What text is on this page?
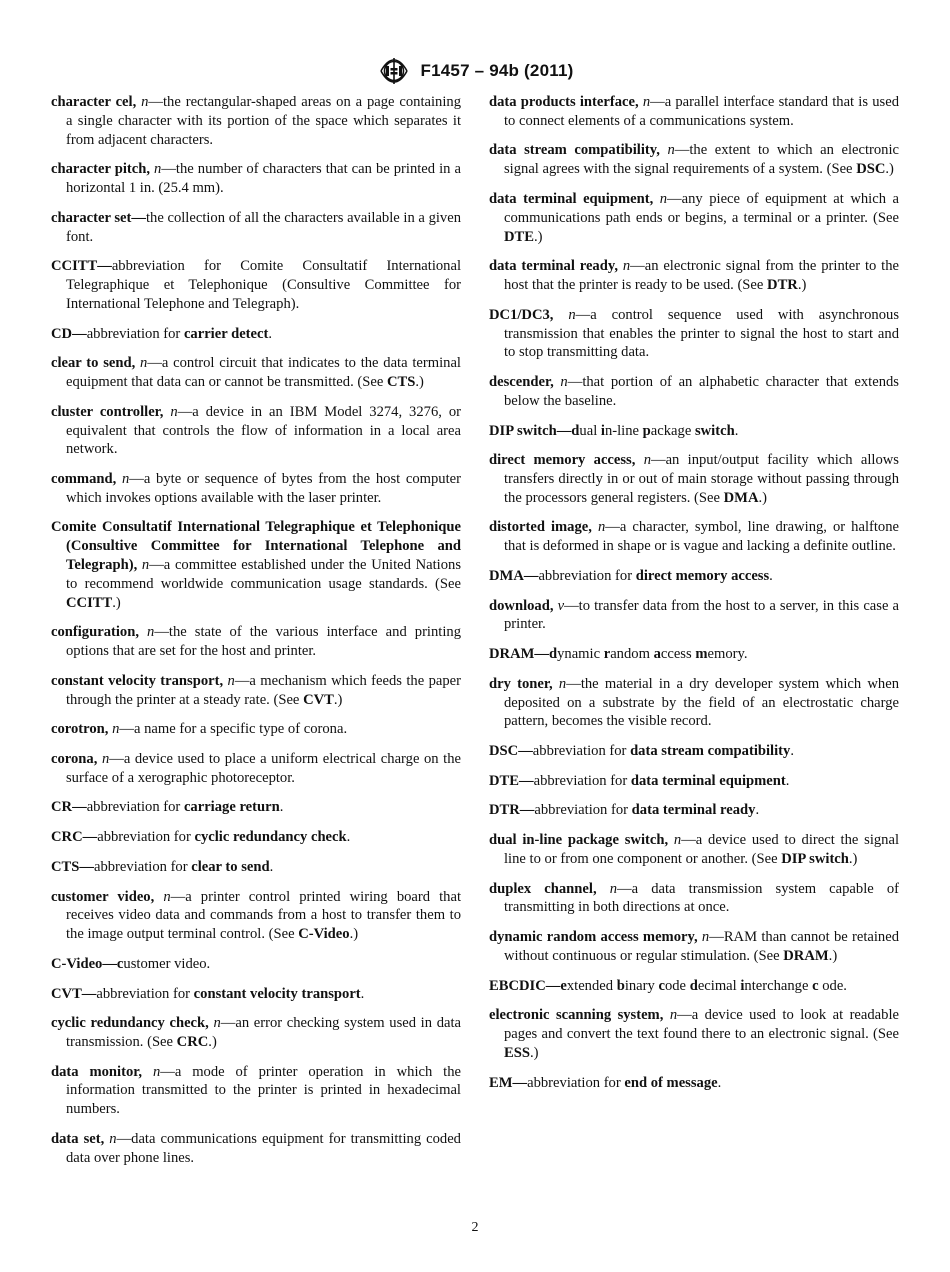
F1457 – 94b (2011)

character cel, n—the rectangular-shaped areas on a page containing a single character with its portion of the space which separates it from adjacent characters.

character pitch, n—the number of characters that can be printed in a horizontal 1 in. (25.4 mm).

character set—the collection of all the characters available in a given font.

CCITT—abbreviation for Comite Consultatif International Telegraphique et Telephonique (Consultive Committee for International Telephone and Telegraph).

CD—abbreviation for carrier detect.

clear to send, n—a control circuit that indicates to the data terminal equipment that data can or cannot be transmitted. (See CTS.)

cluster controller, n—a device in an IBM Model 3274, 3276, or equivalent that controls the flow of information in a local area network.

command, n—a byte or sequence of bytes from the host computer which invokes options available with the laser printer.

Comite Consultatif International Telegraphique et Telephonique (Consultive Committee for International Telephone and Telegraph), n—a committee established under the United Nations to recommend worldwide communication usage standards. (See CCITT.)

configuration, n—the state of the various interface and printing options that are set for the host and printer.

constant velocity transport, n—a mechanism which feeds the paper through the printer at a steady rate. (See CVT.)

corotron, n—a name for a specific type of corona.

corona, n—a device used to place a uniform electrical charge on the surface of a xerographic photoreceptor.

CR—abbreviation for carriage return.

CRC—abbreviation for cyclic redundancy check.

CTS—abbreviation for clear to send.

customer video, n—a printer control printed wiring board that receives video data and commands from a host to transfer them to the image output terminal control. (See C-Video.)

C-Video—customer video.

CVT—abbreviation for constant velocity transport.

cyclic redundancy check, n—an error checking system used in data transmission. (See CRC.)

data monitor, n—a mode of printer operation in which the information transmitted to the printer is printed in hexadecimal numbers.

data set, n—data communications equipment for transmitting coded data over phone lines.

data products interface, n—a parallel interface standard that is used to connect elements of a communications system.

data stream compatibility, n—the extent to which an electronic signal agrees with the signal requirements of a system. (See DSC.)

data terminal equipment, n—any piece of equipment at which a communications path ends or begins, a terminal or a printer. (See DTE.)

data terminal ready, n—an electronic signal from the printer to the host that the printer is ready to be used. (See DTR.)

DC1/DC3, n—a control sequence used with asynchronous transmission that enables the printer to signal the host to start and to stop transmitting data.

descender, n—that portion of an alphabetic character that extends below the baseline.

DIP switch—dual in-line package switch.

direct memory access, n—an input/output facility which allows transfers directly in or out of main storage without passing through the processors general registers. (See DMA.)

distorted image, n—a character, symbol, line drawing, or halftone that is deformed in shape or is vague and lacking a definite outline.

DMA—abbreviation for direct memory access.

download, v—to transfer data from the host to a server, in this case a printer.

DRAM—dynamic random access memory.

dry toner, n—the material in a dry developer system which when deposited on a substrate by the field of an electrostatic charge pattern, becomes the visible record.

DSC—abbreviation for data stream compatibility.

DTE—abbreviation for data terminal equipment.

DTR—abbreviation for data terminal ready.

dual in-line package switch, n—a device used to direct the signal line to or from one component or another. (See DIP switch.)

duplex channel, n—a data transmission system capable of transmitting in both directions at once.

dynamic random access memory, n—RAM than cannot be retained without continuous or regular stimulation. (See DRAM.)

EBCDIC—extended binary code decimal interchange c ode.

electronic scanning system, n—a device used to look at readable pages and convert the text found there to an electronic signal. (See ESS.)

EM—abbreviation for end of message.

2
